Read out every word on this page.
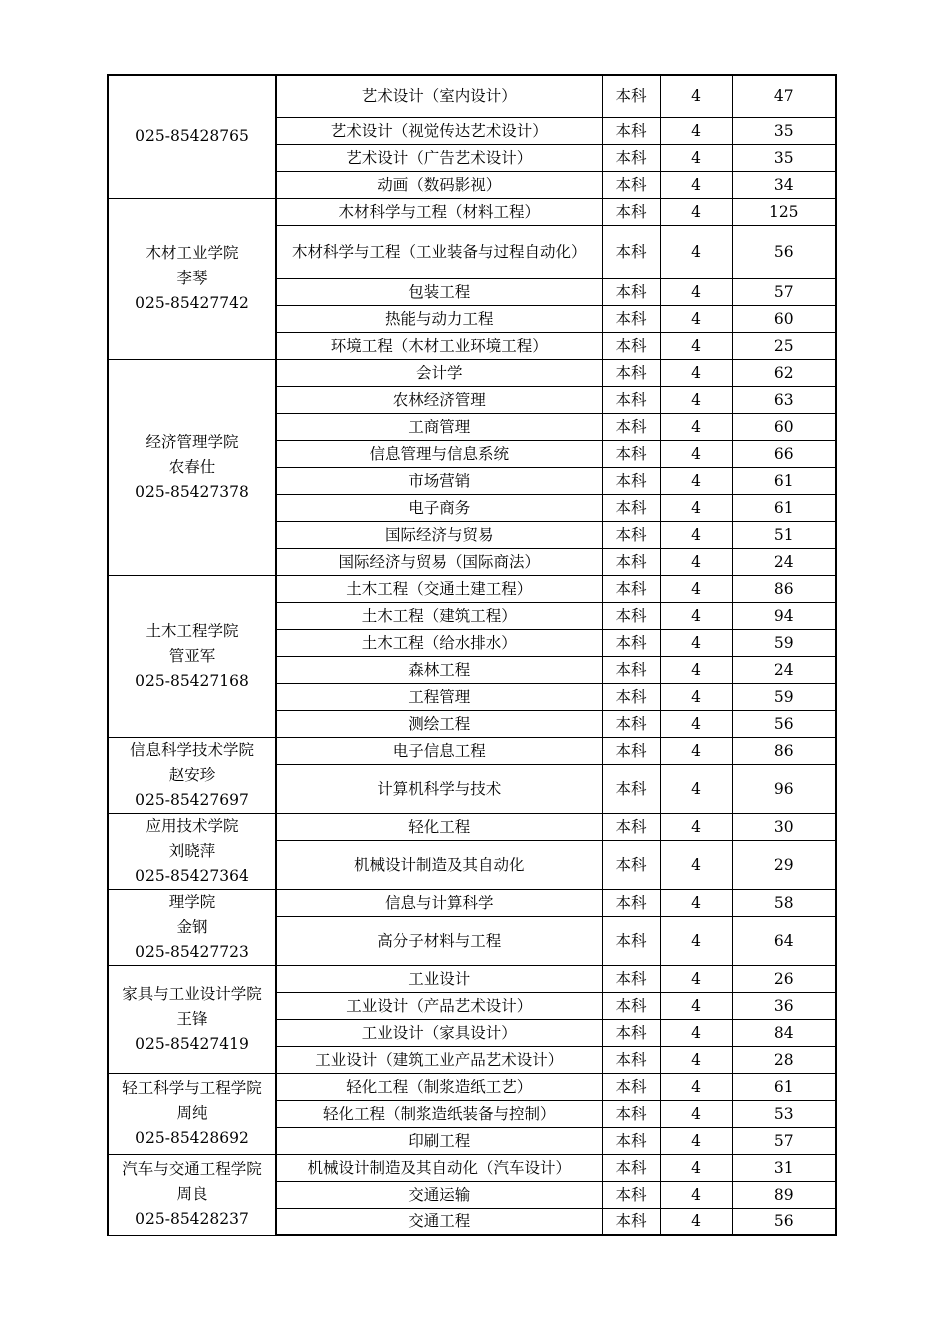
025-85428765	艺术设计（室内设计）	本科	4	47
	艺术设计（视觉传达艺术设计）	本科	4	35
	艺术设计（广告艺术设计）	本科	4	35
	动画（数码影视）	本科	4	34

木材工业学院
李琴
025-85427742	木材科学与工程（材料工程）	本科	4	125
	木材科学与工程（工业装备与过程自动化）	本科	4	56
	包装工程	本科	4	57
	热能与动力工程	本科	4	60
	环境工程（木材工业环境工程）	本科	4	25

经济管理学院
农春仕
025-85427378	会计学	本科	4	62
	农林经济管理	本科	4	63
	工商管理	本科	4	60
	信息管理与信息系统	本科	4	66
	市场营销	本科	4	61
	电子商务	本科	4	61
	国际经济与贸易	本科	4	51
	国际经济与贸易（国际商法）	本科	4	24

土木工程学院
管亚军
025-85427168	土木工程（交通土建工程）	本科	4	86
	土木工程（建筑工程）	本科	4	94
	土木工程（给水排水）	本科	4	59
	森林工程	本科	4	24
	工程管理	本科	4	59
	测绘工程	本科	4	56

信息科学技术学院
赵安珍
025-85427697	电子信息工程	本科	4	86
	计算机科学与技术	本科	4	96

应用技术学院
刘晓萍
025-85427364	轻化工程	本科	4	30
	机械设计制造及其自动化	本科	4	29

理学院
金钢
025-85427723	信息与计算科学	本科	4	58
	高分子材料与工程	本科	4	64

家具与工业设计学院
王锋
025-85427419	工业设计	本科	4	26
	工业设计（产品艺术设计）	本科	4	36
	工业设计（家具设计）	本科	4	84
	工业设计（建筑工业产品艺术设计）	本科	4	28

轻工科学与工程学院
周纯
025-85428692	轻化工程（制浆造纸工艺）	本科	4	61
	轻化工程（制浆造纸装备与控制）	本科	4	53
	印刷工程	本科	4	57

汽车与交通工程学院
周良
025-85428237	机械设计制造及其自动化（汽车设计）	本科	4	31
	交通运输	本科	4	89
	交通工程	本科	4	56
